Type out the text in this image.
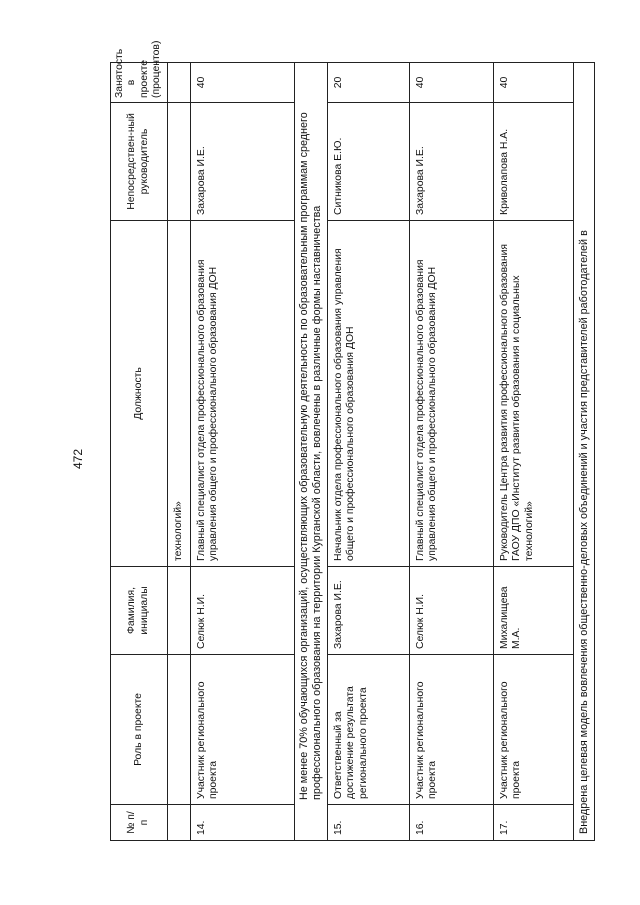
472
№ п/п	Роль в проекте	Фамилия, инициалы	Должность	Непосредствен-ный руководитель	Занятость в проекте (процентов)
			технологий»		
14.	Участник регионального проекта	Селюк Н.И.	Главный специалист отдела профессионального образования управления общего и профессионального образования ДОН	Захарова И.Е.	40
Не менее 70% обучающихся организаций, осуществляющих образовательную деятельность по образовательным программам среднего профессионального образования на территории Курганской области, вовлечены в различные формы наставничества					
15.	Ответственный за достижение результата регионального проекта	Захарова И.Е.	Начальник отдела профессионального образования управления общего и профессионального образования ДОН	Ситникова Е.Ю.	20
16.	Участник регионального проекта	Селюк Н.И.	Главный специалист отдела профессионального образования управления общего и профессионального образования ДОН	Захарова И.Е.	40
17.	Участник регионального проекта	Михалищева М.А.	Руководитель Центра развития профессионального образования ГАОУ ДПО «Институт развития образования и социальных технологий»	Криволапова Н.А.	40
Внедрена целевая модель вовлечения общественно-деловых объединений и участия представителей работодателей в					
